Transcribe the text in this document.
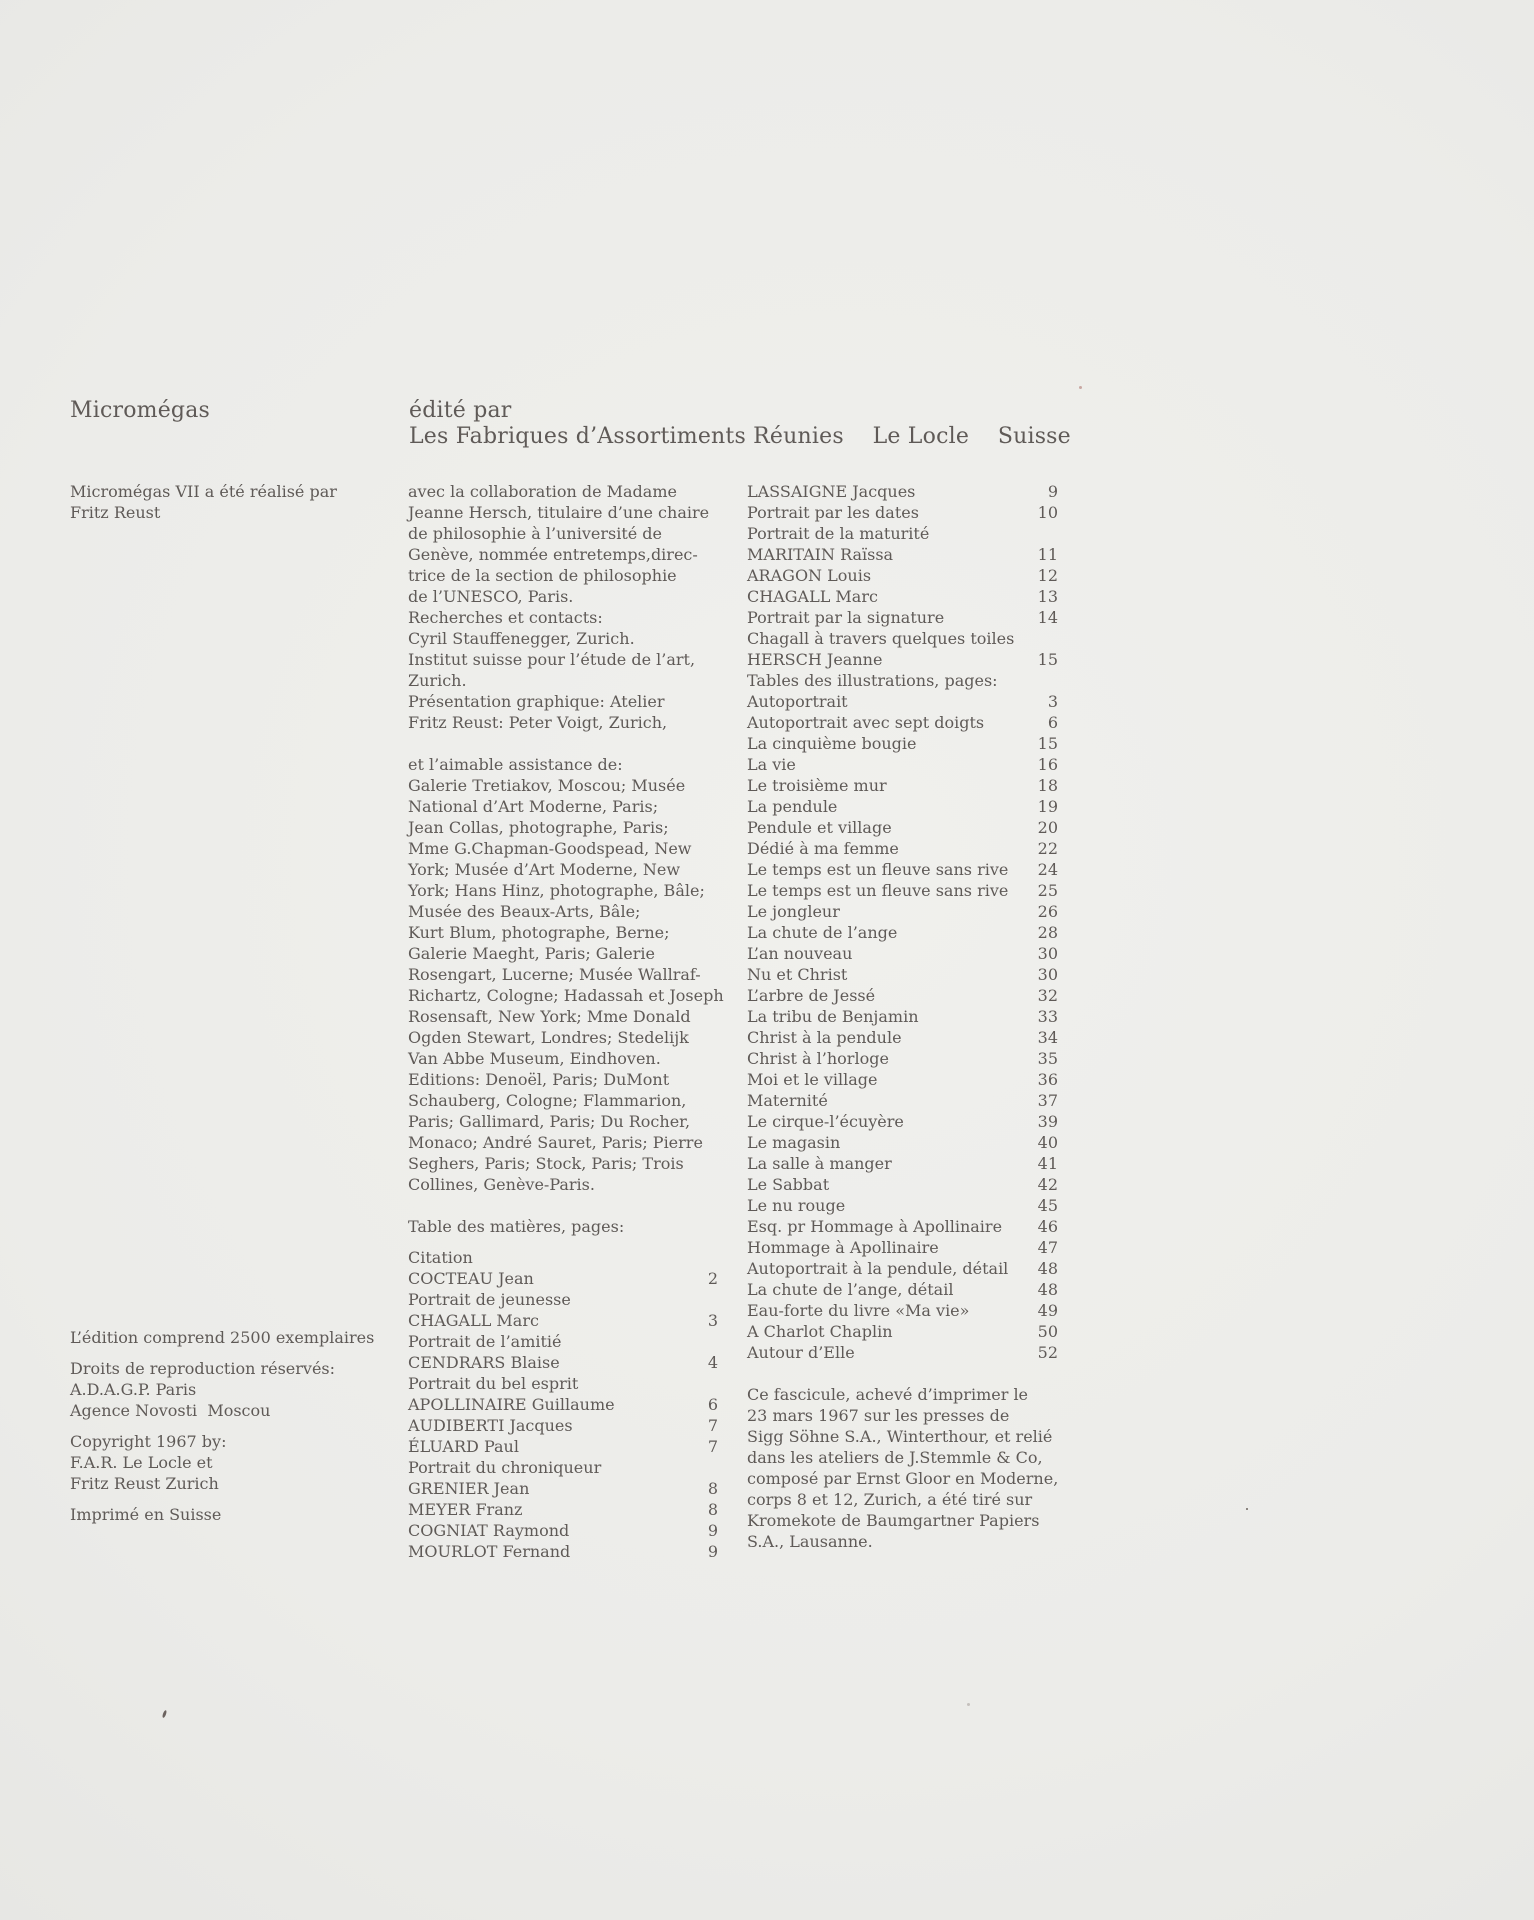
Micromégas	édité par
Les Fabriques d’Assortiments Réunies    Le Locle    Suisse
Micromégas VII a été réalisé par
Fritz Reust
L’édition comprend 2500 exemplaires
Droits de reproduction réservés:
A.D.A.G.P. Paris
Agence Novosti  Moscou
Copyright 1967 by:
F.A.R. Le Locle et
Fritz Reust Zurich
Imprimé en Suisse
avec la collaboration de Madame
Jeanne Hersch, titulaire d’une chaire
de philosophie à l’université de
Genève, nommée entretemps,direc-
trice de la section de philosophie
de l’UNESCO, Paris.
Recherches et contacts:
Cyril Stauffenegger, Zurich.
Institut suisse pour l’étude de l’art,
Zurich.
Présentation graphique: Atelier
Fritz Reust: Peter Voigt, Zurich,
et l’aimable assistance de:
Galerie Tretiakov, Moscou; Musée
National d’Art Moderne, Paris;
Jean Collas, photographe, Paris;
Mme G.Chapman-Goodspead, New
York; Musée d’Art Moderne, New
York; Hans Hinz, photographe, Bâle;
Musée des Beaux-Arts, Bâle;
Kurt Blum, photographe, Berne;
Galerie Maeght, Paris; Galerie
Rosengart, Lucerne; Musée Wallraf-
Richartz, Cologne; Hadassah et Joseph
Rosensaft, New York; Mme Donald
Ogden Stewart, Londres; Stedelijk
Van Abbe Museum, Eindhoven.
Editions: Denoël, Paris; DuMont
Schauberg, Cologne; Flammarion,
Paris; Gallimard, Paris; Du Rocher,
Monaco; André Sauret, Paris; Pierre
Seghers, Paris; Stock, Paris; Trois
Collines, Genève-Paris.
Table des matières, pages:
Citation
COCTEAU Jean	2
Portrait de jeunesse
CHAGALL Marc	3
Portrait de l’amitié
CENDRARS Blaise	4
Portrait du bel esprit
APOLLINAIRE Guillaume	6
AUDIBERTI Jacques	7
ÉLUARD Paul	7
Portrait du chroniqueur
GRENIER Jean	8
MEYER Franz	8
COGNIAT Raymond	9
MOURLOT Fernand	9
LASSAIGNE Jacques	9
Portrait par les dates	10
Portrait de la maturité
MARITAIN Raïssa	11
ARAGON Louis	12
CHAGALL Marc	13
Portrait par la signature	14
Chagall à travers quelques toiles
HERSCH Jeanne	15
Tables des illustrations, pages:
Autoportrait	3
Autoportrait avec sept doigts	6
La cinquième bougie	15
La vie	16
Le troisième mur	18
La pendule	19
Pendule et village	20
Dédié à ma femme	22
Le temps est un fleuve sans rive	24
Le temps est un fleuve sans rive	25
Le jongleur	26
La chute de l’ange	28
L’an nouveau	30
Nu et Christ	30
L’arbre de Jessé	32
La tribu de Benjamin	33
Christ à la pendule	34
Christ à l’horloge	35
Moi et le village	36
Maternité	37
Le cirque-l’écuyère	39
Le magasin	40
La salle à manger	41
Le Sabbat	42
Le nu rouge	45
Esq. pr Hommage à Apollinaire	46
Hommage à Apollinaire	47
Autoportrait à la pendule, détail	48
La chute de l’ange, détail	48
Eau-forte du livre «Ma vie»	49
A Charlot Chaplin	50
Autour d’Elle	52
Ce fascicule, achevé d’imprimer le
23 mars 1967 sur les presses de
Sigg Söhne S.A., Winterthour, et relié
dans les ateliers de J.Stemmle & Co,
composé par Ernst Gloor en Moderne,
corps 8 et 12, Zurich, a été tiré sur
Kromekote de Baumgartner Papiers
S.A., Lausanne.
